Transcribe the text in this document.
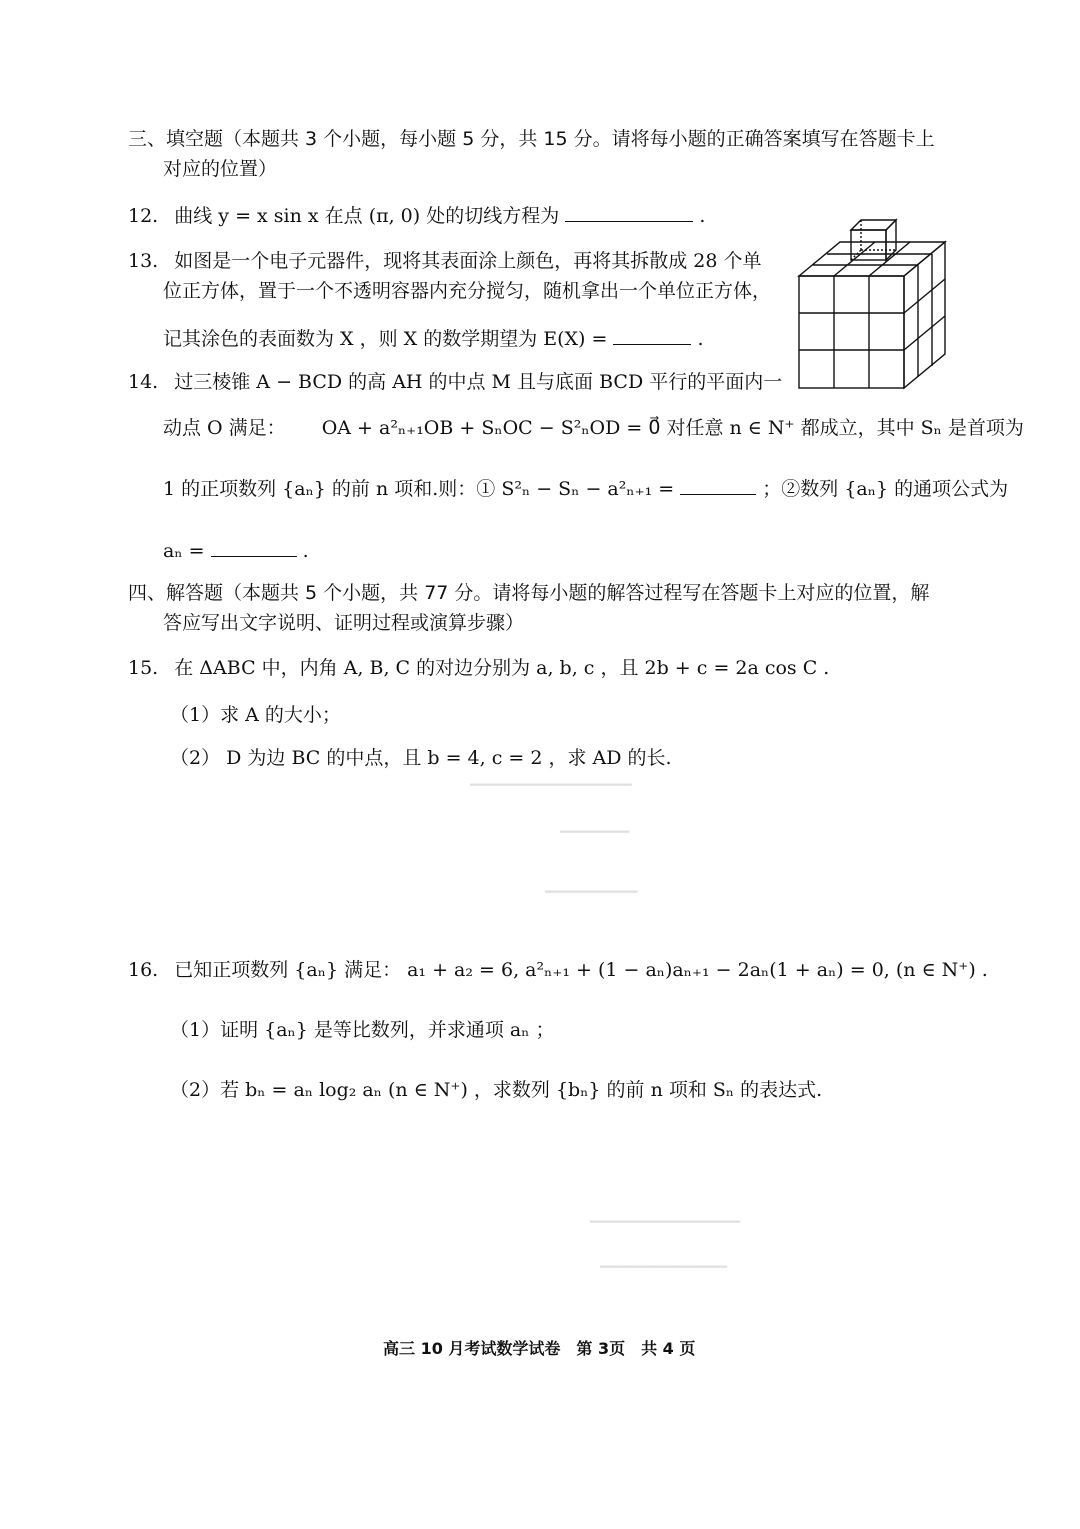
三、填空题（本题共 3 个小题，每小题 5 分，共 15 分。请将每小题的正确答案填写在答题卡上
对应的位置）
12. 曲线 y = x sin x 在点 (π, 0) 处的切线方程为	.
13. 如图是一个电子元器件，现将其表面涂上颜色，再将其拆散成 28 个单
位正方体，置于一个不透明容器内充分搅匀，随机拿出一个单位正方体，
记其涂色的表面数为 X ，则 X 的数学期望为 E(X) =	.
14. 过三棱锥 A − BCD 的高 AH 的中点 M 且与底面 BCD 平行的平面内一
动点 O 满足： OA + a²ₙ₊₁OB + SₙOC − S²ₙOD = 0⃗ 对任意 n ∈ N⁺ 都成立，其中 Sₙ 是首项为
1 的正项数列 {aₙ} 的前 n 项和.则：① S²ₙ − Sₙ − a²ₙ₊₁ =	；②数列 {aₙ} 的通项公式为
aₙ =	.
四、解答题（本题共 5 个小题，共 77 分。请将每小题的解答过程写在答题卡上对应的位置，解
答应写出文字说明、证明过程或演算步骤）
15. 在 ΔABC 中，内角 A, B, C 的对边分别为 a, b, c ，且 2b + c = 2a cos C .
（1）求 A 的大小；
（2） D 为边 BC 的中点，且 b = 4, c = 2 ，求 AD 的长.
▁▁▁▁▁▁▁▁▁▁▁▁▁▁
▁▁▁▁▁▁
▁▁▁▁▁▁▁▁
▁▁▁▁▁▁▁▁▁▁▁▁▁
▁▁▁▁▁▁▁▁▁▁▁
16. 已知正项数列 {aₙ} 满足： a₁ + a₂ = 6, a²ₙ₊₁ + (1 − aₙ)aₙ₊₁ − 2aₙ(1 + aₙ) = 0, (n ∈ N⁺) .
（1）证明 {aₙ} 是等比数列，并求通项 aₙ ；
（2）若 bₙ = aₙ log₂ aₙ (n ∈ N⁺) ，求数列 {bₙ} 的前 n 项和 Sₙ 的表达式.
高三 10 月考试数学试卷　第 3页　共 4 页
